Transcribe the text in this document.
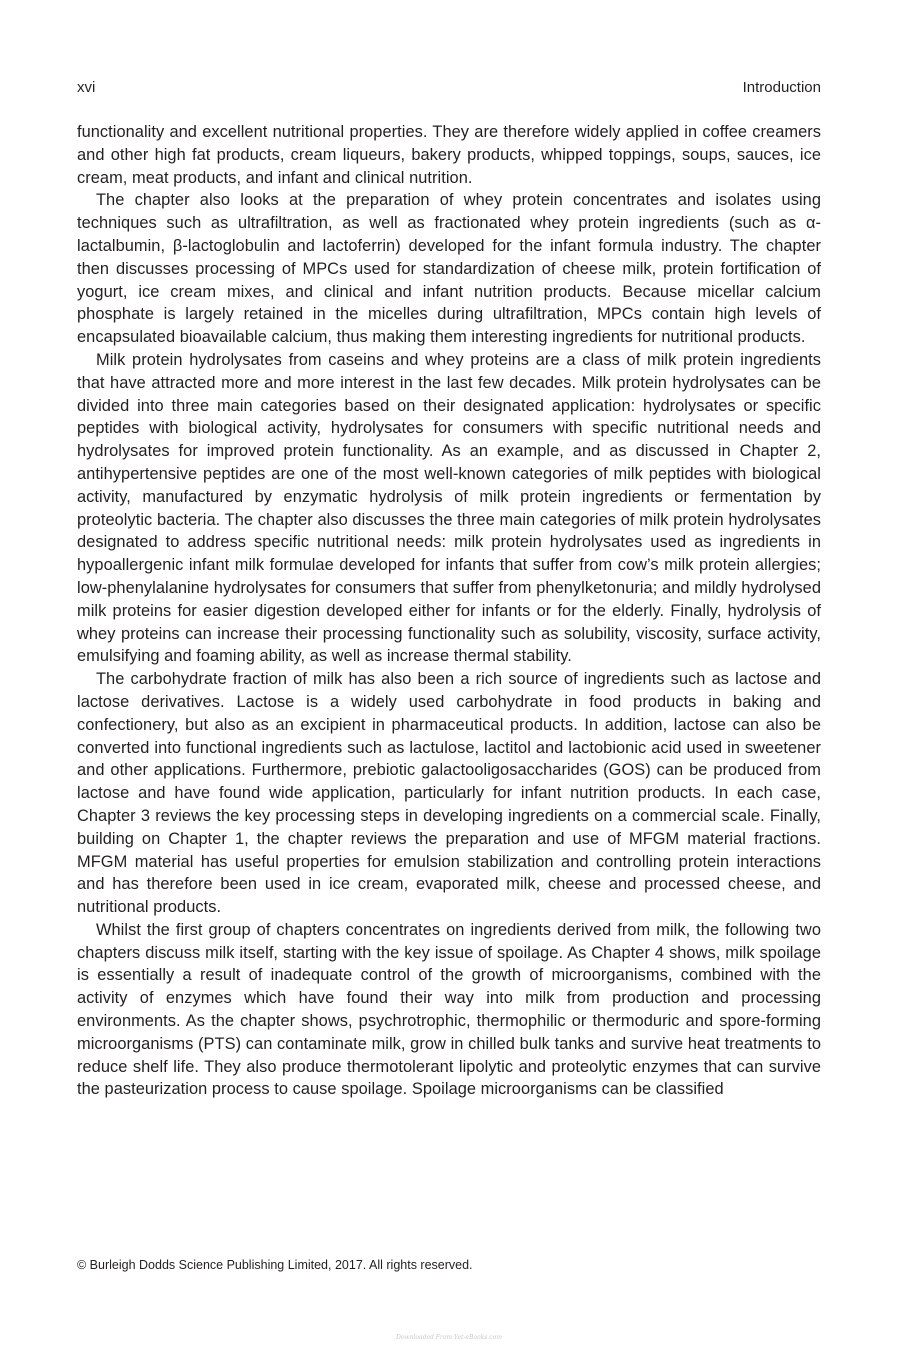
xvi	Introduction

functionality and excellent nutritional properties. They are therefore widely applied in coffee creamers and other high fat products, cream liqueurs, bakery products, whipped toppings, soups, sauces, ice cream, meat products, and infant and clinical nutrition.

The chapter also looks at the preparation of whey protein concentrates and isolates using techniques such as ultrafiltration, as well as fractionated whey protein ingredients (such as α-lactalbumin, β-lactoglobulin and lactoferrin) developed for the infant formula industry. The chapter then discusses processing of MPCs used for standardization of cheese milk, protein fortification of yogurt, ice cream mixes, and clinical and infant nutrition products. Because micellar calcium phosphate is largely retained in the micelles during ultrafiltration, MPCs contain high levels of encapsulated bioavailable calcium, thus making them interesting ingredients for nutritional products.

Milk protein hydrolysates from caseins and whey proteins are a class of milk protein ingredients that have attracted more and more interest in the last few decades. Milk protein hydrolysates can be divided into three main categories based on their designated application: hydrolysates or specific peptides with biological activity, hydrolysates for consumers with specific nutritional needs and hydrolysates for improved protein functionality. As an example, and as discussed in Chapter 2, antihypertensive peptides are one of the most well-known categories of milk peptides with biological activity, manufactured by enzymatic hydrolysis of milk protein ingredients or fermentation by proteolytic bacteria. The chapter also discusses the three main categories of milk protein hydrolysates designated to address specific nutritional needs: milk protein hydrolysates used as ingredients in hypoallergenic infant milk formulae developed for infants that suffer from cow’s milk protein allergies; low-phenylalanine hydrolysates for consumers that suffer from phenylketonuria; and mildly hydrolysed milk proteins for easier digestion developed either for infants or for the elderly. Finally, hydrolysis of whey proteins can increase their processing functionality such as solubility, viscosity, surface activity, emulsifying and foaming ability, as well as increase thermal stability.

The carbohydrate fraction of milk has also been a rich source of ingredients such as lactose and lactose derivatives. Lactose is a widely used carbohydrate in food products in baking and confectionery, but also as an excipient in pharmaceutical products. In addition, lactose can also be converted into functional ingredients such as lactulose, lactitol and lactobionic acid used in sweetener and other applications. Furthermore, prebiotic galactooligosaccharides (GOS) can be produced from lactose and have found wide application, particularly for infant nutrition products. In each case, Chapter 3 reviews the key processing steps in developing ingredients on a commercial scale. Finally, building on Chapter 1, the chapter reviews the preparation and use of MFGM material fractions. MFGM material has useful properties for emulsion stabilization and controlling protein interactions and has therefore been used in ice cream, evaporated milk, cheese and processed cheese, and nutritional products.

Whilst the first group of chapters concentrates on ingredients derived from milk, the following two chapters discuss milk itself, starting with the key issue of spoilage. As Chapter 4 shows, milk spoilage is essentially a result of inadequate control of the growth of microorganisms, combined with the activity of enzymes which have found their way into milk from production and processing environments. As the chapter shows, psychrotrophic, thermophilic or thermoduric and spore-forming microorganisms (PTS) can contaminate milk, grow in chilled bulk tanks and survive heat treatments to reduce shelf life. They also produce thermotolerant lipolytic and proteolytic enzymes that can survive the pasteurization process to cause spoilage. Spoilage microorganisms can be classified

© Burleigh Dodds Science Publishing Limited, 2017. All rights reserved.
Downloaded From Yet-eBooks.com
